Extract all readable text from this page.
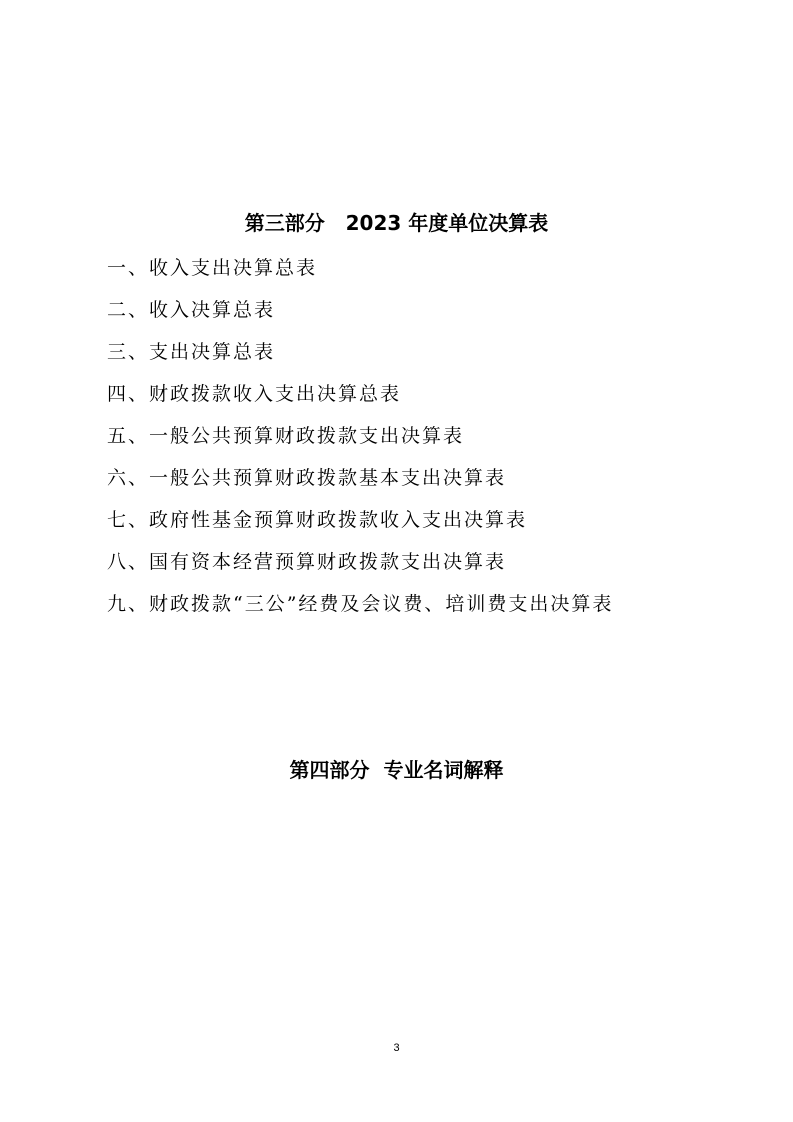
第三部分   2023 年度单位决算表
一、收入支出决算总表
二、收入决算总表
三、支出决算总表
四、财政拨款收入支出决算总表
五、一般公共预算财政拨款支出决算表
六、一般公共预算财政拨款基本支出决算表
七、政府性基金预算财政拨款收入支出决算表
八、国有资本经营预算财政拨款支出决算表
九、财政拨款“三公”经费及会议费、培训费支出决算表
第四部分  专业名词解释
3
